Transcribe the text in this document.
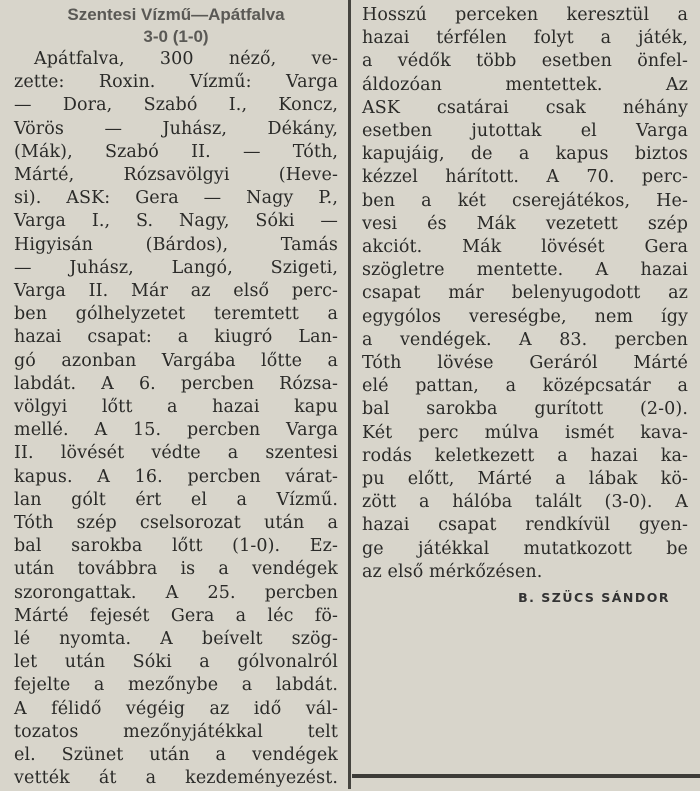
Szentesi Vízmű—Apátfalva
3-0 (1-0)
Apátfalva, 300 néző, ve-
zette: Roxin. Vízmű: Varga
— Dora, Szabó I., Koncz,
Vörös — Juhász, Dékány,
(Mák), Szabó II. — Tóth,
Márté, Rózsavölgyi (Heve-
si). ASK: Gera — Nagy P.,
Varga I., S. Nagy, Sóki —
Higyisán (Bárdos), Tamás
— Juhász, Langó, Szigeti,
Varga II. Már az első perc-
ben gólhelyzetet teremtett a
hazai csapat: a kiugró Lan-
gó azonban Vargába lőtte a
labdát. A 6. percben Rózsa-
völgyi lőtt a hazai kapu
mellé. A 15. percben Varga
II. lövését védte a szentesi
kapus. A 16. percben várat-
lan gólt ért el a Vízmű.
Tóth szép cselsorozat után a
bal sarokba lőtt (1-0). Ez-
után továbbra is a vendégek
szorongattak. A 25. percben
Márté fejesét Gera a léc fö-
lé nyomta. A beívelt szög-
let után Sóki a gólvonalról
fejelte a mezőnybe a labdát.
A félidő végéig az idő vál-
tozatos mezőnyjátékkal telt
el. Szünet után a vendégek
vették át a kezdeményezést.
Hosszú perceken keresztül a
hazai térfélen folyt a játék,
a védők több esetben önfel-
áldozóan mentettek. Az
ASK csatárai csak néhány
esetben jutottak el Varga
kapujáig, de a kapus biztos
kézzel hárított. A 70. perc-
ben a két cserejátékos, He-
vesi és Mák vezetett szép
akciót. Mák lövését Gera
szögletre mentette. A hazai
csapat már belenyugodott az
egygólos vereségbe, nem így
a vendégek. A 83. percben
Tóth lövése Geráról Márté
elé pattan, a középcsatár a
bal sarokba gurított (2-0).
Két perc múlva ismét kava-
rodás keletkezett a hazai ka-
pu előtt, Márté a lábak kö-
zött a hálóba talált (3-0). A
hazai csapat rendkívül gyen-
ge játékkal mutatkozott be
az első mérkőzésen.
B. SZÜCS SÁNDOR
